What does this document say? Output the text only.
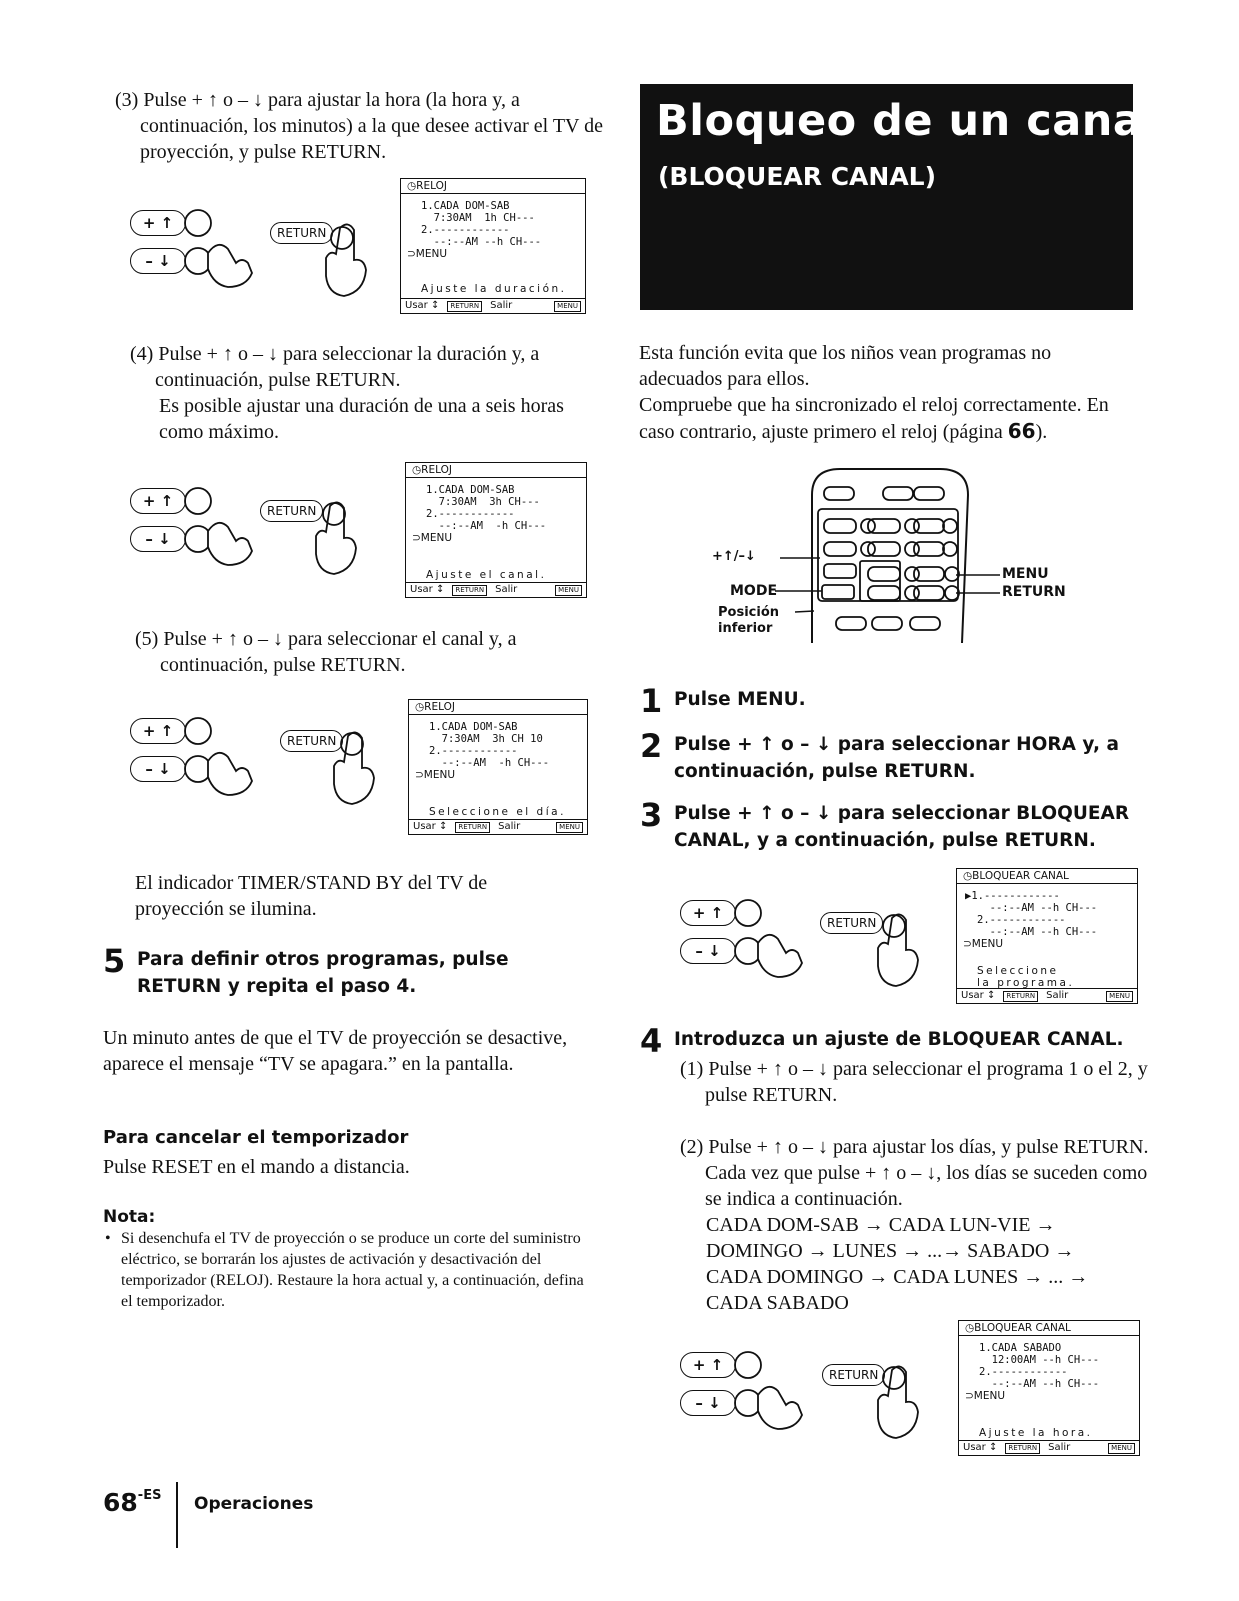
(3) Pulse + ↑ o – ↓ para ajustar la hora (la hora y, a continuación, los minutos) a la que desee activar el TV de proyección, y pulse RETURN.
+ ↑
– ↓
RETURN
◷RELOJ
1.CADA DOM-SAB
7:30AM  1h CH---
2.------------
--:--AM --h CH---
⊃MENU
Ajuste la duración.
Usar ↕	RETURN	Salir	MENU
(4) Pulse + ↑ o – ↓ para seleccionar la duración y, a continuación, pulse RETURN.
Es posible ajustar una duración de una a seis horas como máximo.
+ ↑
– ↓
RETURN
◷RELOJ
1.CADA DOM-SAB
7:30AM  3h CH---
2.------------
--:--AM  -h CH---
⊃MENU
Ajuste el canal.
Usar ↕	RETURN	Salir	MENU
(5) Pulse + ↑ o – ↓ para seleccionar el canal y, a continuación, pulse RETURN.
+ ↑
– ↓
RETURN
◷RELOJ
1.CADA DOM-SAB
7:30AM  3h CH 10
2.------------
--:--AM  -h CH---
⊃MENU
Seleccione el día.
Usar ↕	RETURN	Salir	MENU
El indicador TIMER/STAND BY del TV de proyección se ilumina.
5 Para definir otros programas, pulse RETURN y repita el paso 4.
Un minuto antes de que el TV de proyección se desactive, aparece el mensaje “TV se apagara.” en la pantalla.
Para cancelar el temporizador
Pulse RESET en el mando a distancia.
Nota:
• Si desenchufa el TV de proyección o se produce un corte del suministro eléctrico, se borrarán los ajustes de activación y desactivación del temporizador (RELOJ). Restaure la hora actual y, a continuación, defina el temporizador.
Bloqueo de un canal
(BLOQUEAR CANAL)
Esta función evita que los niños vean programas no adecuados para ellos.
Compruebe que ha sincronizado el reloj correctamente. En caso contrario, ajuste primero el reloj (página 66).
+↑/–↓
MODE
Posición
inferior
MENU
RETURN
1 Pulse MENU.
2 Pulse + ↑ o – ↓ para seleccionar HORA y, a continuación, pulse RETURN.
3 Pulse + ↑ o – ↓ para seleccionar BLOQUEAR CANAL, y a continuación, pulse RETURN.
+ ↑
– ↓
RETURN
◷BLOQUEAR CANAL
▶1.------------
--:--AM --h CH---
2.------------
--:--AM --h CH---
⊃MENU
Seleccione
la programa.
Usar ↕	RETURN	Salir	MENU
4 Introduzca un ajuste de BLOQUEAR CANAL.
(1) Pulse + ↑ o – ↓ para seleccionar el programa 1 o el 2, y pulse RETURN.
(2) Pulse + ↑ o – ↓ para ajustar los días, y pulse RETURN. Cada vez que pulse + ↑ o – ↓, los días se suceden como se indica a continuación.
CADA DOM-SAB → CADA LUN-VIE →
DOMINGO → LUNES → ...→ SABADO →
CADA DOMINGO → CADA LUNES → ... →
CADA SABADO
+ ↑
– ↓
RETURN
◷BLOQUEAR CANAL
1.CADA SABADO
12:00AM --h CH---
2.------------
--:--AM --h CH---
⊃MENU
Ajuste la hora.
Usar ↕	RETURN	Salir	MENU
$68^{-ES}$ Operaciones
